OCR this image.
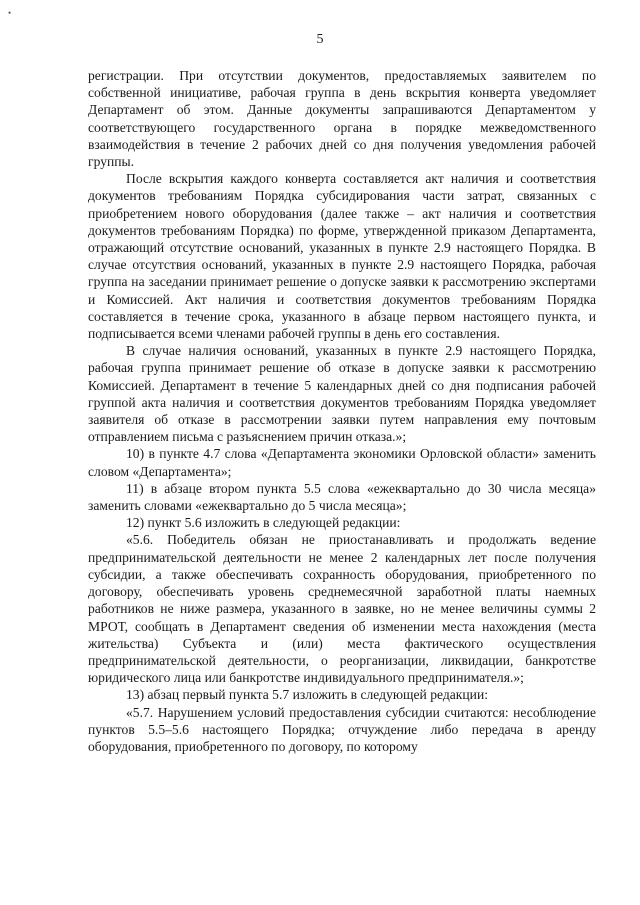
•
5

регистрации. При отсутствии документов, предоставляемых заявителем по собственной инициативе, рабочая группа в день вскрытия конверта уведомляет Департамент об этом. Данные документы запрашиваются Департаментом у соответствующего государственного органа в порядке межведомственного взаимодействия в течение 2 рабочих дней со дня получения уведомления рабочей группы.

После вскрытия каждого конверта составляется акт наличия и соответствия документов требованиям Порядка субсидирования части затрат, связанных с приобретением нового оборудования (далее также – акт наличия и соответствия документов требованиям Порядка) по форме, утвержденной приказом Департамента, отражающий отсутствие оснований, указанных в пункте 2.9 настоящего Порядка. В случае отсутствия оснований, указанных в пункте 2.9 настоящего Порядка, рабочая группа на заседании принимает решение о допуске заявки к рассмотрению экспертами и Комиссией. Акт наличия и соответствия документов требованиям Порядка составляется в течение срока, указанного в абзаце первом настоящего пункта, и подписывается всеми членами рабочей группы в день его составления.

В случае наличия оснований, указанных в пункте 2.9 настоящего Порядка, рабочая группа принимает решение об отказе в допуске заявки к рассмотрению Комиссией. Департамент в течение 5 календарных дней со дня подписания рабочей группой акта наличия и соответствия документов требованиям Порядка уведомляет заявителя об отказе в рассмотрении заявки путем направления ему почтовым отправлением письма с разъяснением причин отказа.»;

10) в пункте 4.7 слова «Департамента экономики Орловской области» заменить словом «Департамента»;

11) в абзаце втором пункта 5.5 слова «ежеквартально до 30 числа месяца» заменить словами «ежеквартально до 5 числа месяца»;

12) пункт 5.6 изложить в следующей редакции:

«5.6. Победитель обязан не приостанавливать и продолжать ведение предпринимательской деятельности не менее 2 календарных лет после получения субсидии, а также обеспечивать сохранность оборудования, приобретенного по договору, обеспечивать уровень среднемесячной заработной платы наемных работников не ниже размера, указанного в заявке, но не менее величины суммы 2 МРОТ, сообщать в Департамент сведения об изменении места нахождения (места жительства) Субъекта и (или) места фактического осуществления предпринимательской деятельности, о реорганизации, ликвидации, банкротстве юридического лица или банкротстве индивидуального предпринимателя.»;

13) абзац первый пункта 5.7 изложить в следующей редакции:

«5.7. Нарушением условий предоставления субсидии считаются: несоблюдение пунктов 5.5–5.6 настоящего Порядка; отчуждение либо передача в аренду оборудования, приобретенного по договору, по которому
